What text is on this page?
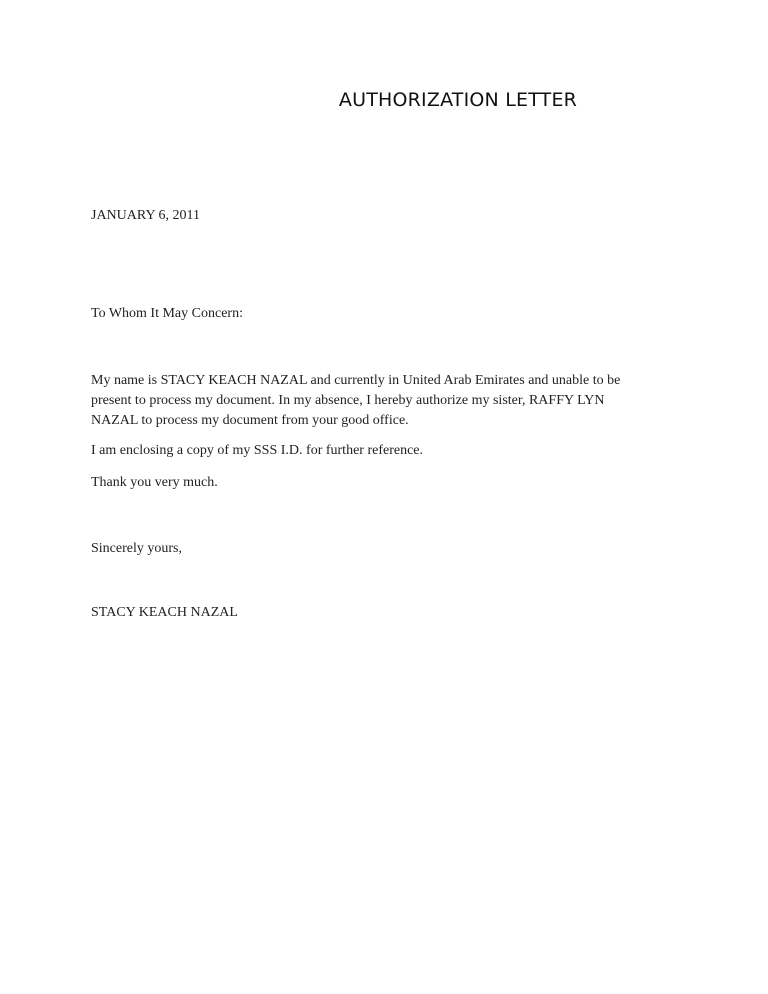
AUTHORIZATION LETTER
JANUARY 6, 2011
To Whom It May Concern:

My name is STACY KEACH NAZAL and currently in United Arab Emirates and unable to be
present to process my document. In my absence, I hereby authorize my sister, RAFFY LYN
NAZAL to process my document from your good office.

I am enclosing a copy of my SSS I.D. for further reference.

Thank you very much.

Sincerely yours,
STACY KEACH NAZAL
